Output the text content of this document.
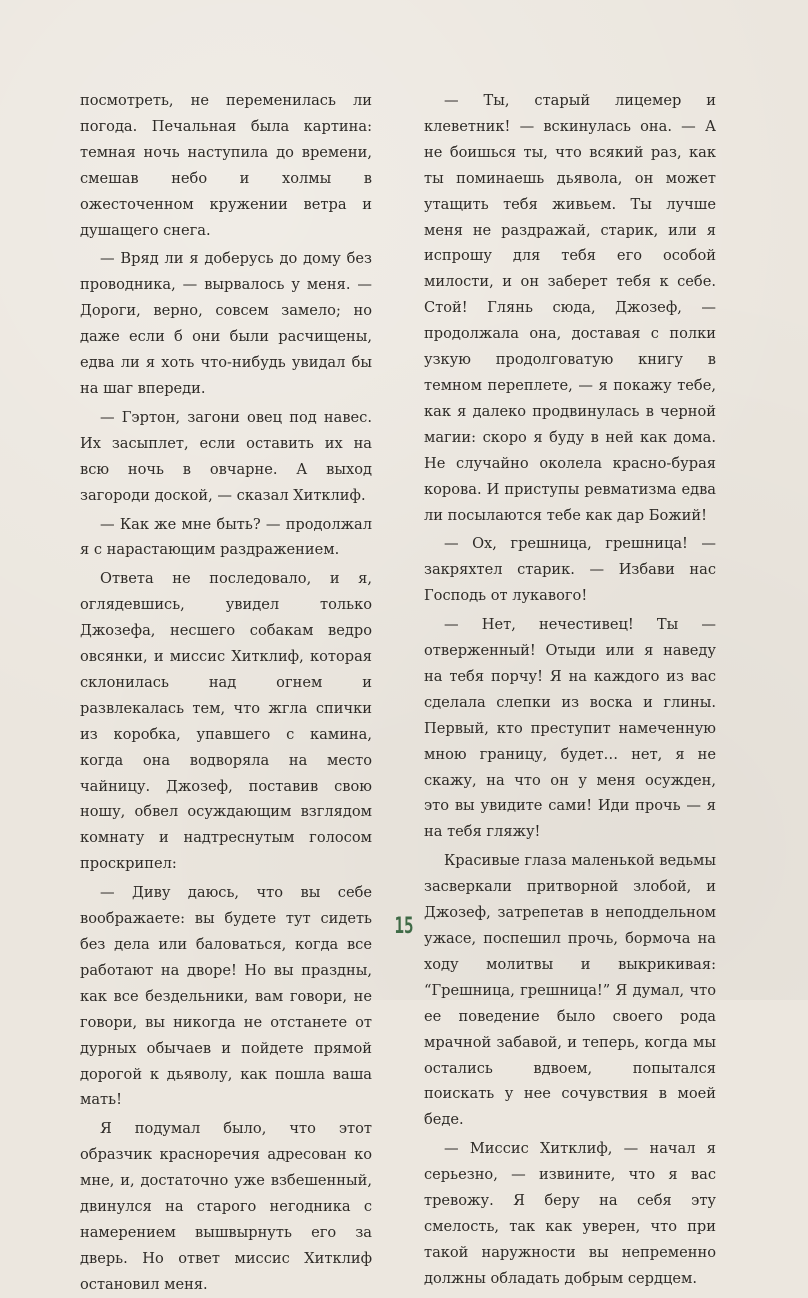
посмотреть, не переменилась ли погода. Печальная была картина: темная ночь наступила до времени, смешав небо и холмы в ожесточенном кружении ветра и душащего снега.

— Вряд ли я доберусь до дому без проводника, — вырвалось у меня. — Дороги, верно, совсем замело; но даже если б они были расчищены, едва ли я хоть что-нибудь увидал бы на шаг впереди.

— Гэртон, загони овец под навес. Их засыплет, если оставить их на всю ночь в овчарне. А выход загороди доской, — сказал Хитклиф.

— Как же мне быть? — продолжал я с нарастающим раздражением.

Ответа не последовало, и я, оглядевшись, увидел только Джозефа, несшего собакам ведро овсянки, и миссис Хитклиф, которая склонилась над огнем и развлекалась тем, что жгла спички из коробка, упавшего с камина, когда она водворяла на место чайницу. Джозеф, поставив свою ношу, обвел осуждающим взглядом комнату и надтреснутым голосом проскрипел:

— Диву даюсь, что вы себе воображаете: вы будете тут сидеть без дела или баловаться, когда все работают на дворе! Но вы праздны, как все бездельники, вам говори, не говори, вы никогда не отстанете от дурных обычаев и пойдете прямой дорогой к дьяволу, как пошла ваша мать!

Я подумал было, что этот образчик красноречия адресован ко мне, и, достаточно уже взбешенный, двинулся на старого негодника с намерением вышвырнуть его за дверь. Но ответ миссис Хитклиф остановил меня.

— Ты, старый лицемер и клеветник! — вскинулась она. — А не боишься ты, что всякий раз, как ты поминаешь дьявола, он может утащить тебя живьем. Ты лучше меня не раздражай, старик, или я испрошу для тебя его особой милости, и он заберет тебя к себе. Стой! Глянь сюда, Джозеф, — продолжала она, доставая с полки узкую продолговатую книгу в темном переплете, — я покажу тебе, как я далеко продвинулась в черной магии: скоро я буду в ней как дома. Не случайно околела красно-бурая корова. И приступы ревматизма едва ли посылаются тебе как дар Божий!

— Ох, грешница, грешница! — закряхтел старик. — Избави нас Господь от лукавого!

— Нет, нечестивец! Ты — отверженный! Отыди или я наведу на тебя порчу! Я на каждого из вас сделала слепки из воска и глины. Первый, кто преступит намеченную мною границу, будет… нет, я не скажу, на что он у меня осужден, это вы увидите сами! Иди прочь — я на тебя гляжу!

Красивые глаза маленькой ведьмы засверкали притворной злобой, и Джозеф, затрепетав в неподдельном ужасе, поспешил прочь, бормоча на ходу молитвы и выкрикивая: “Грешница, грешница!” Я думал, что ее поведение было своего рода мрачной забавой, и теперь, когда мы остались вдвоем, попытался поискать у нее сочувствия в моей беде.

— Миссис Хитклиф, — начал я серьезно, — извините, что я вас тревожу. Я беру на себя эту смелость, так как уверен, что при такой наружности вы непременно должны обладать добрым сердцем.

15
